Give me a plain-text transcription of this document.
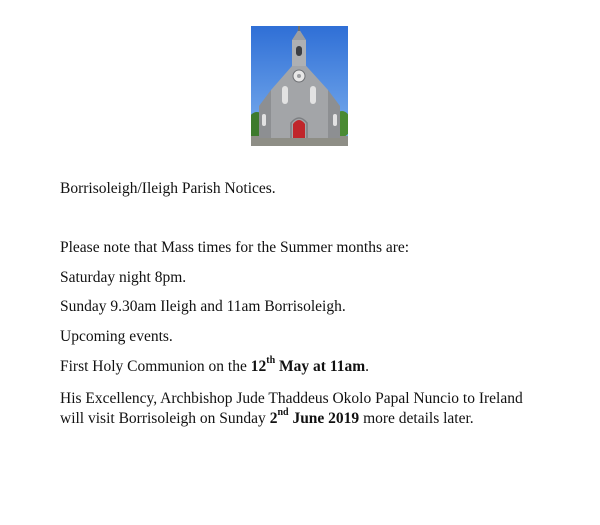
Borrisoleigh/Ileigh Parish Notices.
Please note that Mass times for the Summer months are:
Saturday night 8pm.
Sunday 9.30am Ileigh and 11am Borrisoleigh.
Upcoming events.
First Holy Communion on the 12th May at 11am.
His Excellency, Archbishop Jude Thaddeus Okolo Papal Nuncio to Ireland will visit Borrisoleigh on Sunday 2nd June 2019 more details later.
